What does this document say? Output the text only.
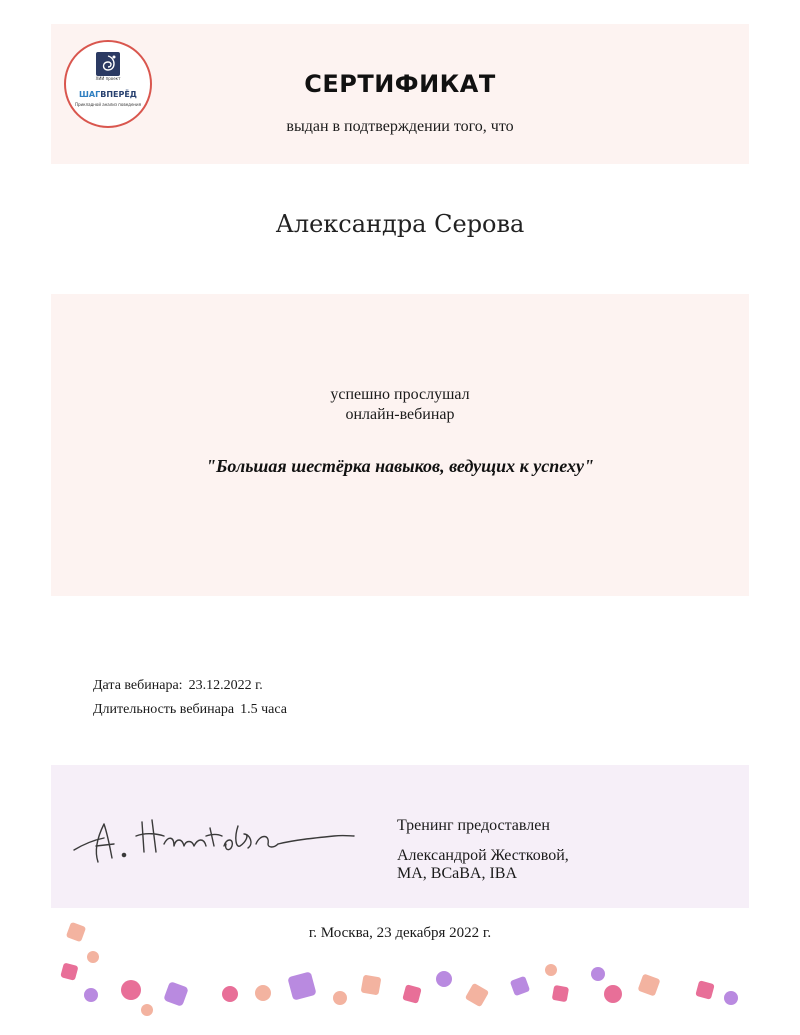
ХИИ проект
ШАГВПЕРЁД
Прикладной анализ поведения
СЕРТИФИКАТ
выдан в подтверждении того, что
Александра Серова
успешно прослушал
онлайн-вебинар
"Большая шестёрка навыков, ведущих к успеху"
Дата вебинара: 23.12.2022 г.
Длительность вебинара 1.5 часа
Тренинг предоставлен
Александрой Жестковой,
MA, BCaBA, IBA
г. Москва, 23 декабря 2022 г.
